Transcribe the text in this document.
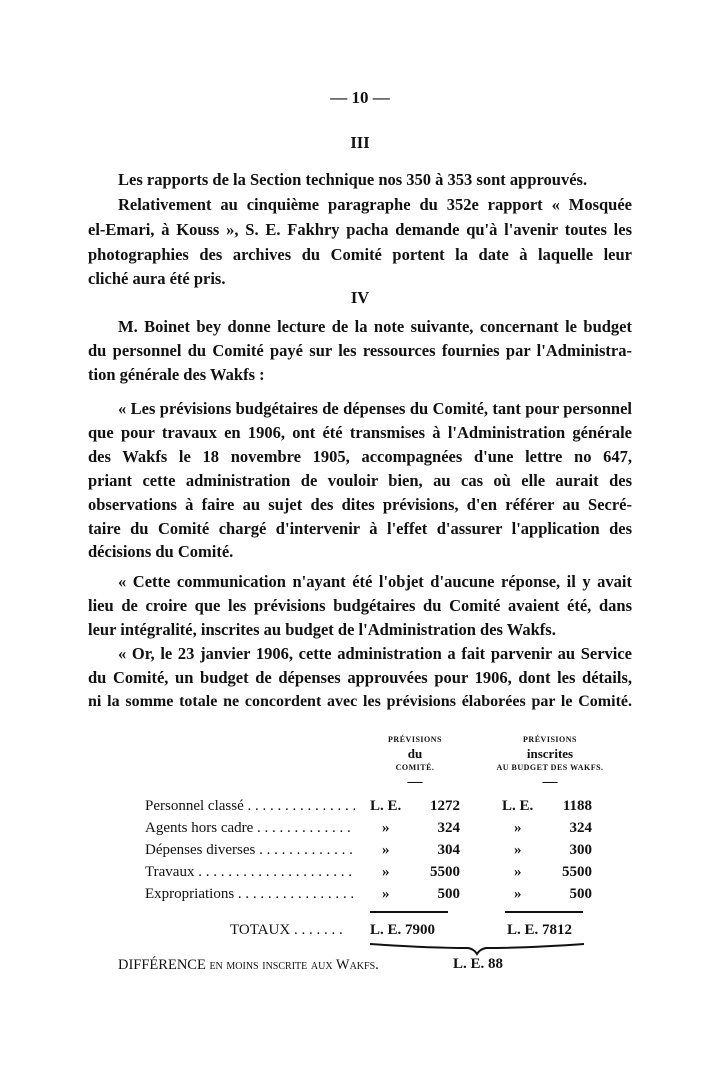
— 10 —
III
Les rapports de la Section technique nos 350 à 353 sont approuvés.
Relativement au cinquième paragraphe du 352e rapport « Mosquée
el-Emari, à Kouss », S. E. Fakhry pacha demande qu'à l'avenir toutes les
photographies des archives du Comité portent la date à laquelle leur
cliché aura été pris.
IV
M. Boinet bey donne lecture de la note suivante, concernant le budget
du personnel du Comité payé sur les ressources fournies par l'Administra-
tion générale des Wakfs :
« Les prévisions budgétaires de dépenses du Comité, tant pour personnel
que pour travaux en 1906, ont été transmises à l'Administration générale
des Wakfs le 18 novembre 1905, accompagnées d'une lettre no 647,
priant cette administration de vouloir bien, au cas où elle aurait des
observations à faire au sujet des dites prévisions, d'en référer au Secré-
taire du Comité chargé d'intervenir à l'effet d'assurer l'application des
décisions du Comité.
« Cette communication n'ayant été l'objet d'aucune réponse, il y avait
lieu de croire que les prévisions budgétaires du Comité avaient été, dans
leur intégralité, inscrites au budget de l'Administration des Wakfs.
« Or, le 23 janvier 1906, cette administration a fait parvenir au Service
du Comité, un budget de dépenses approuvées pour 1906, dont les détails,
ni la somme totale ne concordent avec les prévisions élaborées par le Comité.
PRÉVISIONS
du
COMITÉ.
—
PRÉVISIONS
inscrites
AU BUDGET DES WAKFS.
—
Personnel classé . . .	L. E. 1272	L. E. 1188
Agents hors cadre . . .	»	324	»	324
Dépenses diverses . . .	»	304	»	300
Travaux . . .	»	5500	»	5500
Expropriations . . .	»	500	»	500
TOTAUX . . . . . . . L. E. 7900	L. E. 7812
DIFFÉRENCE en moins inscrite aux Wakfs.	L. E. 88
